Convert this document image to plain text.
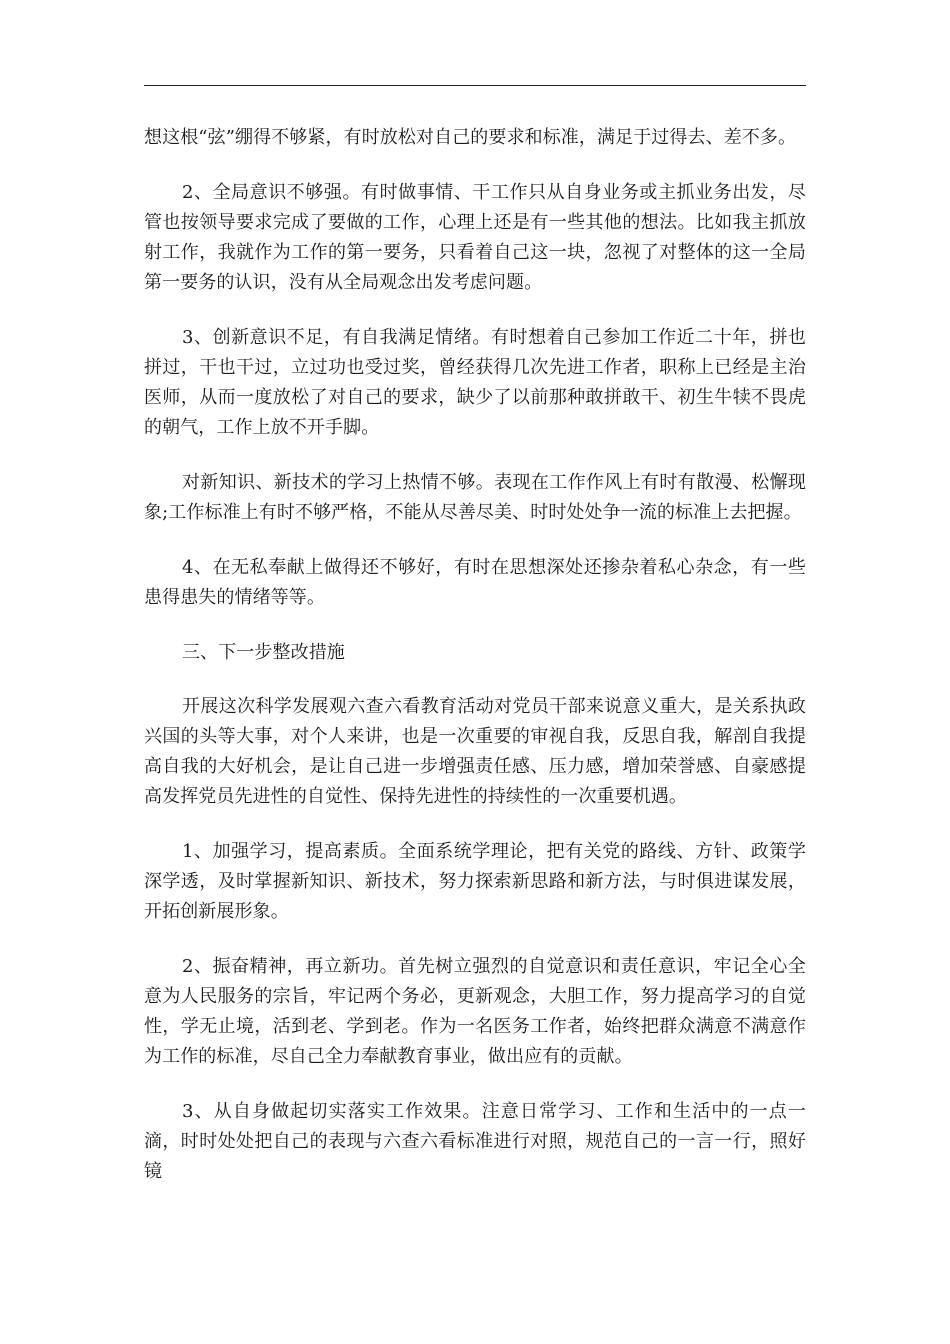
想这根“弦”绷得不够紧，有时放松对自己的要求和标准，满足于过得去、差不多。

2、全局意识不够强。有时做事情、干工作只从自身业务或主抓业务出发，尽管也按领导要求完成了要做的工作，心理上还是有一些其他的想法。比如我主抓放射工作，我就作为工作的第一要务，只看着自己这一块，忽视了对整体的这一全局第一要务的认识，没有从全局观念出发考虑问题。

3、创新意识不足，有自我满足情绪。有时想着自己参加工作近二十年，拼也拼过，干也干过，立过功也受过奖，曾经获得几次先进工作者，职称上已经是主治医师，从而一度放松了对自己的要求，缺少了以前那种敢拼敢干、初生牛犊不畏虎的朝气，工作上放不开手脚。

对新知识、新技术的学习上热情不够。表现在工作作风上有时有散漫、松懈现象;工作标准上有时不够严格，不能从尽善尽美、时时处处争一流的标准上去把握。

4、在无私奉献上做得还不够好，有时在思想深处还掺杂着私心杂念，有一些患得患失的情绪等等。

三、下一步整改措施

开展这次科学发展观六查六看教育活动对党员干部来说意义重大，是关系执政兴国的头等大事，对个人来讲，也是一次重要的审视自我，反思自我，解剖自我提高自我的大好机会，是让自己进一步增强责任感、压力感，增加荣誉感、自豪感提高发挥党员先进性的自觉性、保持先进性的持续性的一次重要机遇。

1、加强学习，提高素质。全面系统学理论，把有关党的路线、方针、政策学深学透，及时掌握新知识、新技术，努力探索新思路和新方法，与时俱进谋发展，开拓创新展形象。

2、振奋精神，再立新功。首先树立强烈的自觉意识和责任意识，牢记全心全意为人民服务的宗旨，牢记两个务必，更新观念，大胆工作，努力提高学习的自觉性，学无止境，活到老、学到老。作为一名医务工作者，始终把群众满意不满意作为工作的标准，尽自己全力奉献教育事业，做出应有的贡献。

3、从自身做起切实落实工作效果。注意日常学习、工作和生活中的一点一滴，时时处处把自己的表现与六查六看标准进行对照，规范自己的一言一行，照好镜
